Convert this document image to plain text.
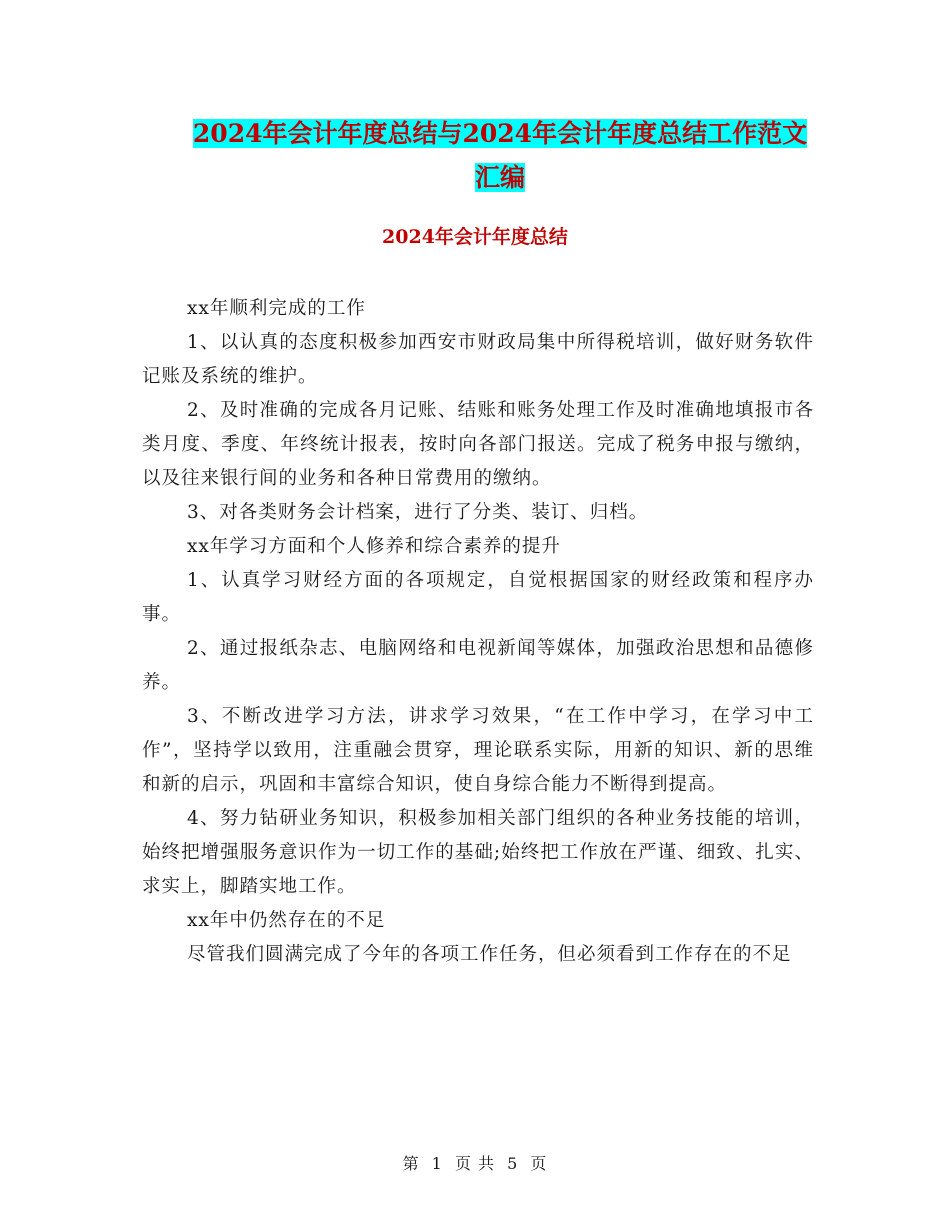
2024年会计年度总结与2024年会计年度总结工作范文
汇编
2024年会计年度总结

xx年顺利完成的工作

1、以认真的态度积极参加西安市财政局集中所得税培训，做好财务软件记账及系统的维护。

2、及时准确的完成各月记账、结账和账务处理工作及时准确地填报市各类月度、季度、年终统计报表，按时向各部门报送。完成了税务申报与缴纳，以及往来银行间的业务和各种日常费用的缴纳。

3、对各类财务会计档案，进行了分类、装订、归档。

xx年学习方面和个人修养和综合素养的提升

1、认真学习财经方面的各项规定，自觉根据国家的财经政策和程序办事。

2、通过报纸杂志、电脑网络和电视新闻等媒体，加强政治思想和品德修养。

3、不断改进学习方法，讲求学习效果，“在工作中学习，在学习中工作”，坚持学以致用，注重融会贯穿，理论联系实际，用新的知识、新的思维和新的启示，巩固和丰富综合知识，使自身综合能力不断得到提高。

4、努力钻研业务知识，积极参加相关部门组织的各种业务技能的培训，始终把增强服务意识作为一切工作的基础;始终把工作放在严谨、细致、扎实、求实上，脚踏实地工作。

xx年中仍然存在的不足

尽管我们圆满完成了今年的各项工作任务，但必须看到工作存在的不足

第 1 页 共 5 页
